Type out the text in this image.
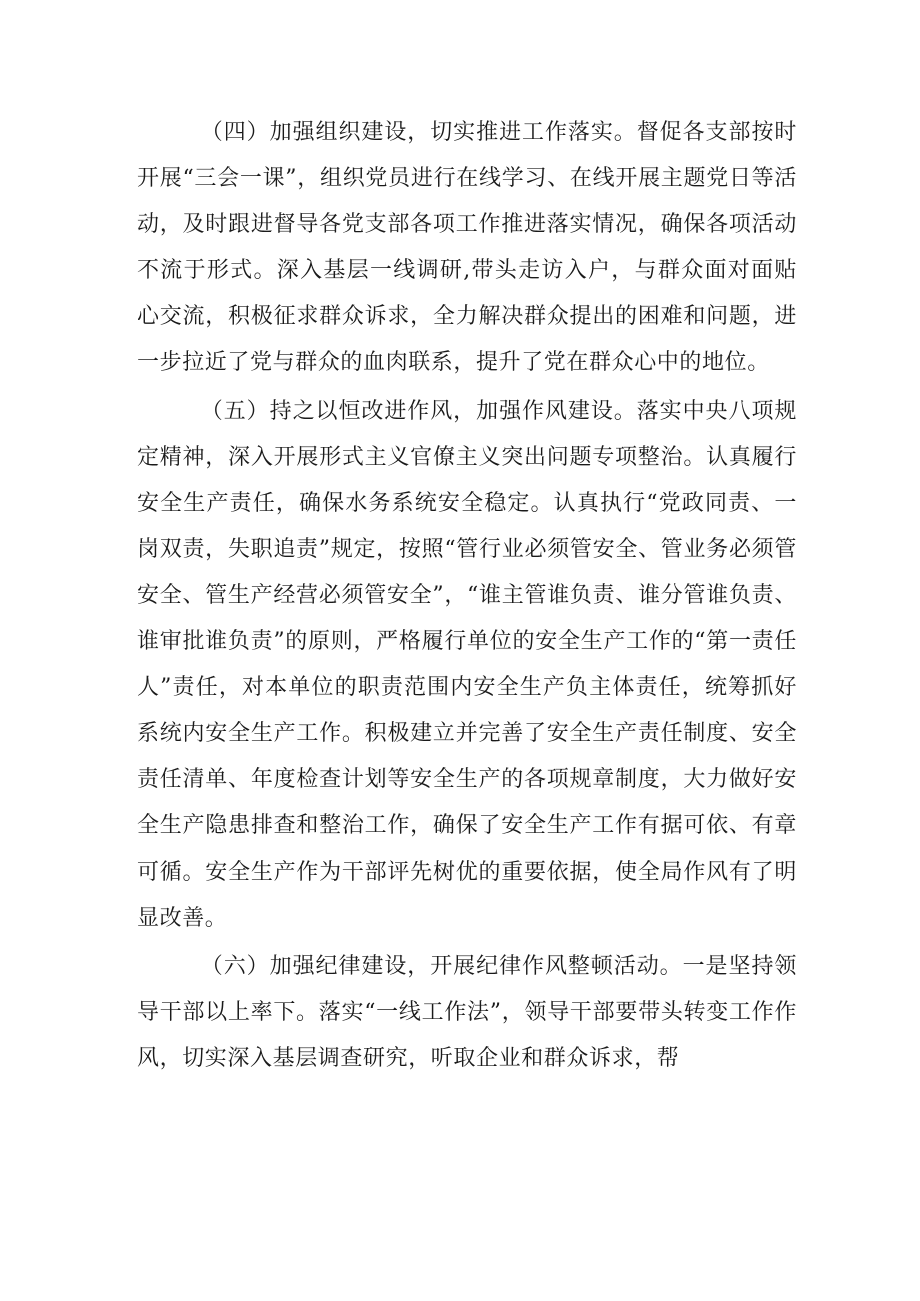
（四）加强组织建设，切实推进工作落实。督促各支部按时开展“三会一课”，组织党员进行在线学习、在线开展主题党日等活动，及时跟进督导各党支部各项工作推进落实情况，确保各项活动不流于形式。深入基层一线调研,带头走访入户，与群众面对面贴心交流，积极征求群众诉求，全力解决群众提出的困难和问题，进一步拉近了党与群众的血肉联系，提升了党在群众心中的地位。

（五）持之以恒改进作风，加强作风建设。落实中央八项规定精神，深入开展形式主义官僚主义突出问题专项整治。认真履行安全生产责任，确保水务系统安全稳定。认真执行“党政同责、一岗双责，失职追责”规定，按照“管行业必须管安全、管业务必须管安全、管生产经营必须管安全”，“谁主管谁负责、谁分管谁负责、谁审批谁负责”的原则，严格履行单位的安全生产工作的“第一责任人”责任，对本单位的职责范围内安全生产负主体责任，统筹抓好系统内安全生产工作。积极建立并完善了安全生产责任制度、安全责任清单、年度检查计划等安全生产的各项规章制度，大力做好安全生产隐患排查和整治工作，确保了安全生产工作有据可依、有章可循。安全生产作为干部评先树优的重要依据，使全局作风有了明显改善。

（六）加强纪律建设，开展纪律作风整顿活动。一是坚持领导干部以上率下。落实“一线工作法”，领导干部要带头转变工作作风，切实深入基层调查研究，听取企业和群众诉求，帮
